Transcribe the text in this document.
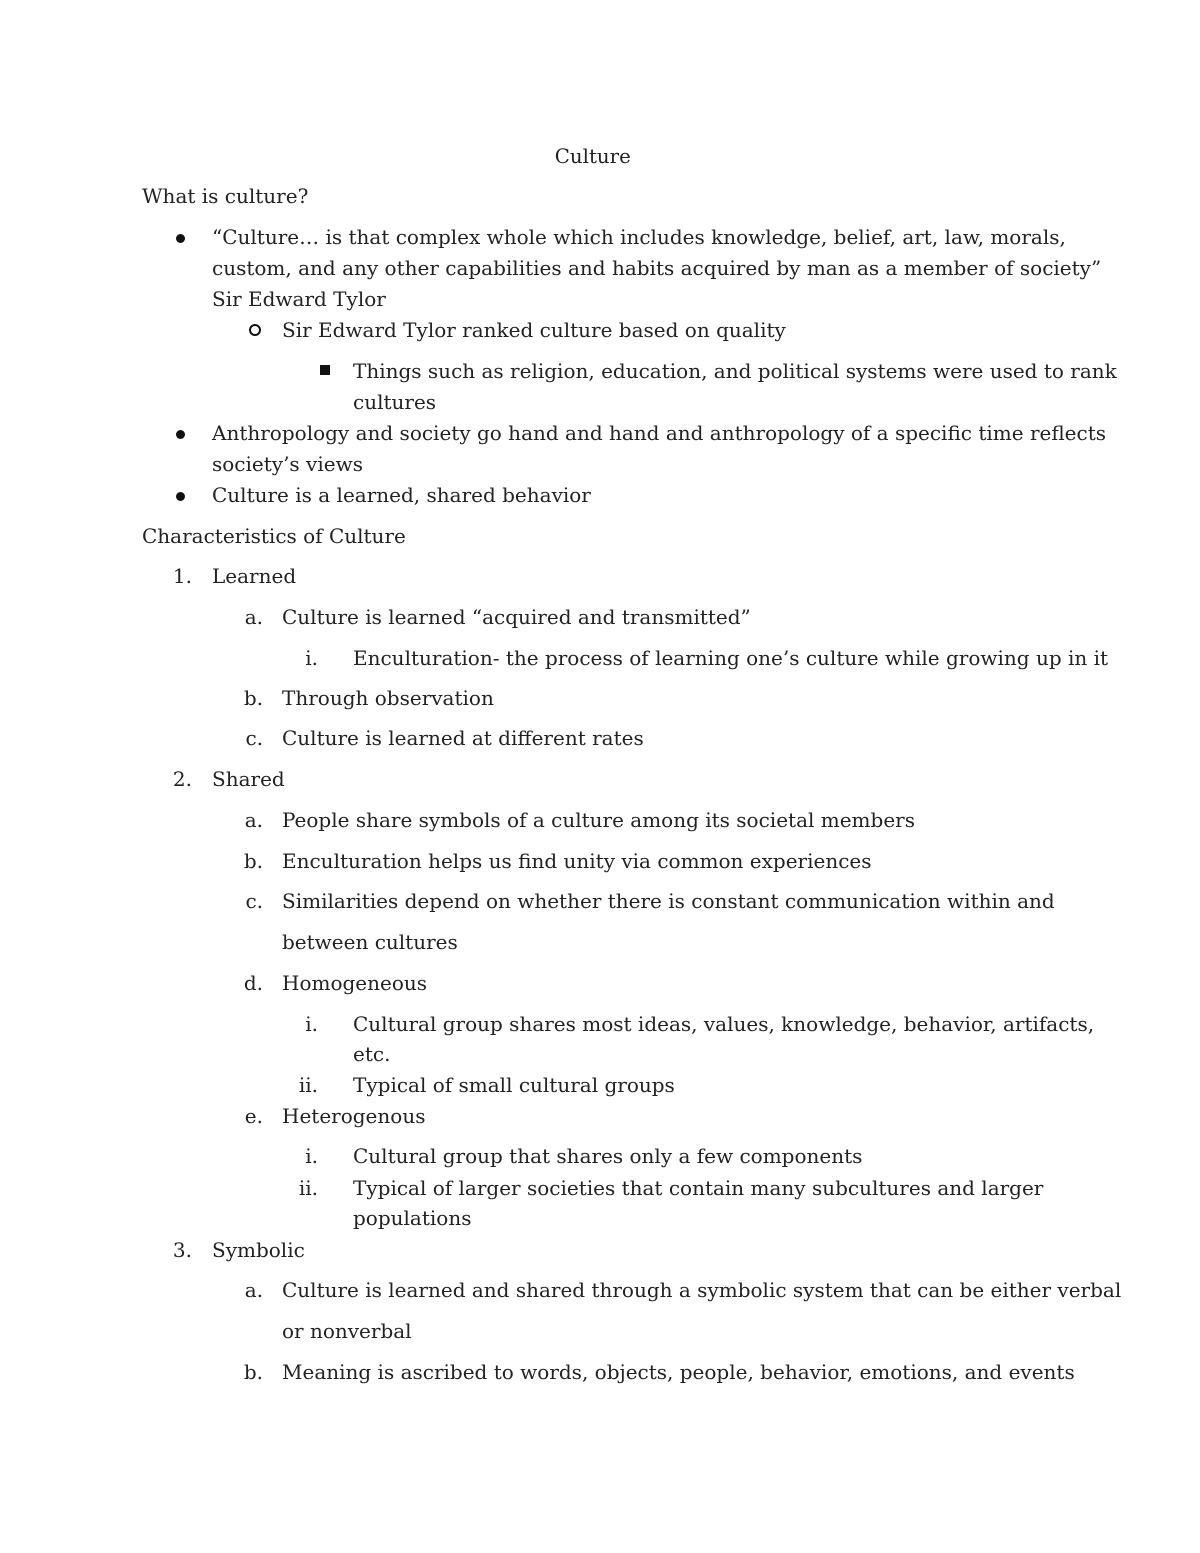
Culture
What is culture?
“Culture… is that complex whole which includes knowledge, belief, art, law, morals,
custom, and any other capabilities and habits acquired by man as a member of society”
Sir Edward Tylor
Sir Edward Tylor ranked culture based on quality
Things such as religion, education, and political systems were used to rank
cultures
Anthropology and society go hand and hand and anthropology of a specific time reflects
society’s views
Culture is a learned, shared behavior
Characteristics of Culture
1. Learned
a. Culture is learned “acquired and transmitted”
i. Enculturation- the process of learning one’s culture while growing up in it
b. Through observation
c. Culture is learned at different rates
2. Shared
a. People share symbols of a culture among its societal members
b. Enculturation helps us find unity via common experiences
c. Similarities depend on whether there is constant communication within and
between cultures
d. Homogeneous
i. Cultural group shares most ideas, values, knowledge, behavior, artifacts,
etc.
ii. Typical of small cultural groups
e. Heterogenous
i. Cultural group that shares only a few components
ii. Typical of larger societies that contain many subcultures and larger
populations
3. Symbolic
a. Culture is learned and shared through a symbolic system that can be either verbal
or nonverbal
b. Meaning is ascribed to words, objects, people, behavior, emotions, and events
